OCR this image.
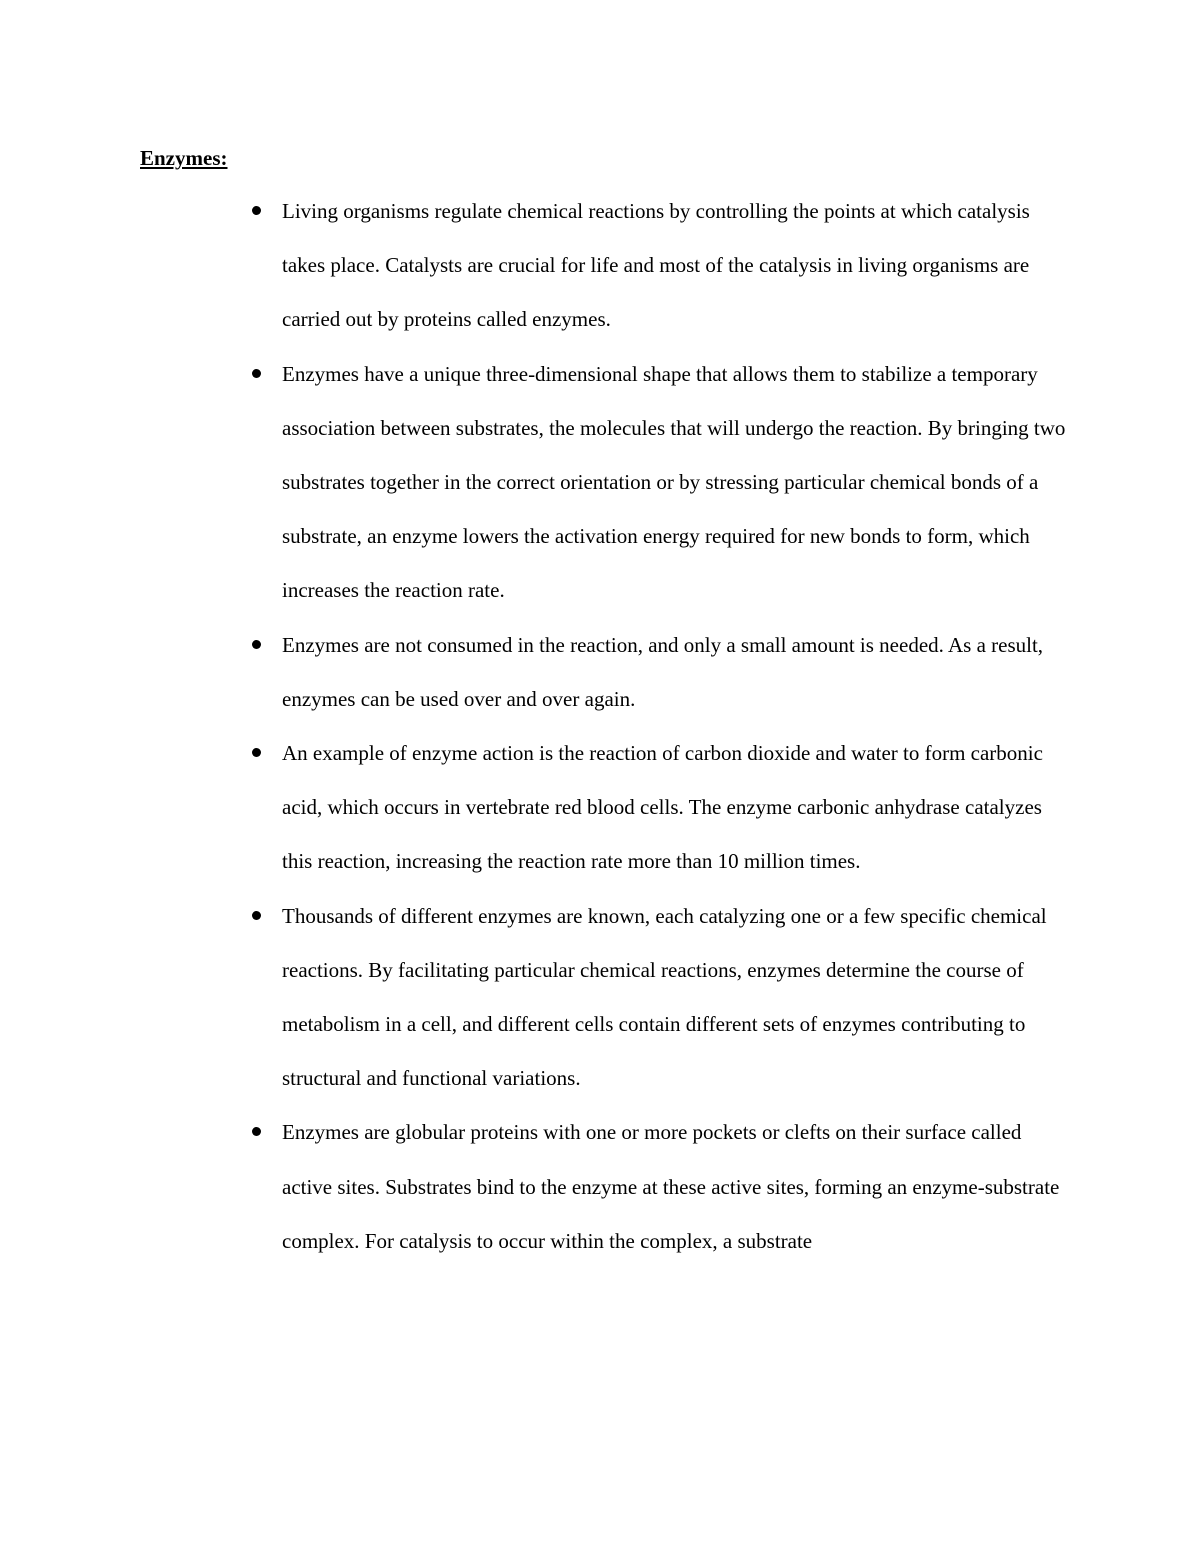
Enzymes:
Living organisms regulate chemical reactions by controlling the points at which catalysis takes place. Catalysts are crucial for life and most of the catalysis in living organisms are carried out by proteins called enzymes.
Enzymes have a unique three-dimensional shape that allows them to stabilize a temporary association between substrates, the molecules that will undergo the reaction. By bringing two substrates together in the correct orientation or by stressing particular chemical bonds of a substrate, an enzyme lowers the activation energy required for new bonds to form, which increases the reaction rate.
Enzymes are not consumed in the reaction, and only a small amount is needed. As a result, enzymes can be used over and over again.
An example of enzyme action is the reaction of carbon dioxide and water to form carbonic acid, which occurs in vertebrate red blood cells. The enzyme carbonic anhydrase catalyzes this reaction, increasing the reaction rate more than 10 million times.
Thousands of different enzymes are known, each catalyzing one or a few specific chemical reactions. By facilitating particular chemical reactions, enzymes determine the course of metabolism in a cell, and different cells contain different sets of enzymes contributing to structural and functional variations.
Enzymes are globular proteins with one or more pockets or clefts on their surface called active sites. Substrates bind to the enzyme at these active sites, forming an enzyme-substrate complex. For catalysis to occur within the complex, a substrate
